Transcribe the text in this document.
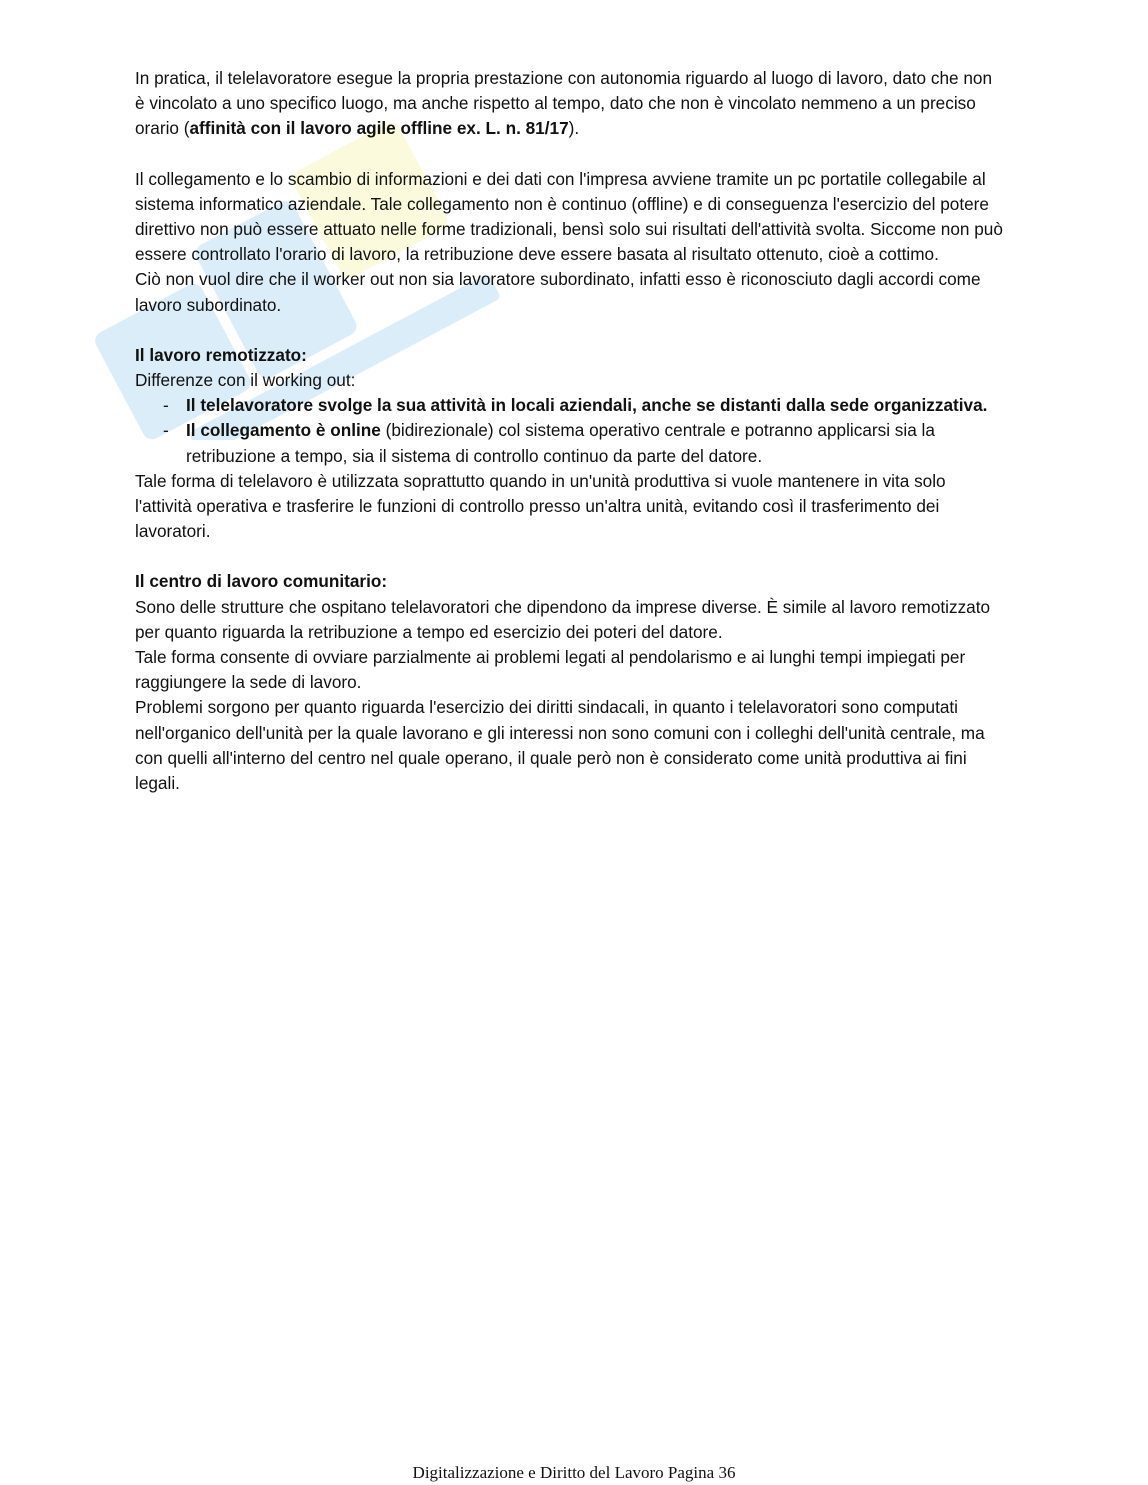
In pratica, il telelavoratore esegue la propria prestazione con autonomia riguardo al luogo di lavoro, dato che non è vincolato a uno specifico luogo, ma anche rispetto al tempo, dato che non è vincolato nemmeno a un preciso orario (affinità con il lavoro agile offline ex. L. n. 81/17).

Il collegamento e lo scambio di informazioni e dei dati con l'impresa avviene tramite un pc portatile collegabile al sistema informatico aziendale. Tale collegamento non è continuo (offline) e di conseguenza l'esercizio del potere direttivo non può essere attuato nelle forme tradizionali, bensì solo sui risultati dell'attività svolta. Siccome non può essere controllato l'orario di lavoro, la retribuzione deve essere basata al risultato ottenuto, cioè a cottimo.

Ciò non vuol dire che il worker out non sia lavoratore subordinato, infatti esso è riconosciuto dagli accordi come lavoro subordinato.

Il lavoro remotizzato:

Differenze con il working out:

- Il telelavoratore svolge la sua attività in locali aziendali, anche se distanti dalla sede organizzativa.
- Il collegamento è online (bidirezionale) col sistema operativo centrale e potranno applicarsi sia la retribuzione a tempo, sia il sistema di controllo continuo da parte del datore.

Tale forma di telelavoro è utilizzata soprattutto quando in un'unità produttiva si vuole mantenere in vita solo l'attività operativa e trasferire le funzioni di controllo presso un'altra unità, evitando così il trasferimento dei lavoratori.

Il centro di lavoro comunitario:

Sono delle strutture che ospitano telelavoratori che dipendono da imprese diverse. È simile al lavoro remotizzato per quanto riguarda la retribuzione a tempo ed esercizio dei poteri del datore.

Tale forma consente di ovviare parzialmente ai problemi legati al pendolarismo e ai lunghi tempi impiegati per raggiungere la sede di lavoro.

Problemi sorgono per quanto riguarda l'esercizio dei diritti sindacali, in quanto i telelavoratori sono computati nell'organico dell'unità per la quale lavorano e gli interessi non sono comuni con i colleghi dell'unità centrale, ma con quelli all'interno del centro nel quale operano, il quale però non è considerato come unità produttiva ai fini legali.

Digitalizzazione e Diritto del Lavoro Pagina 36
